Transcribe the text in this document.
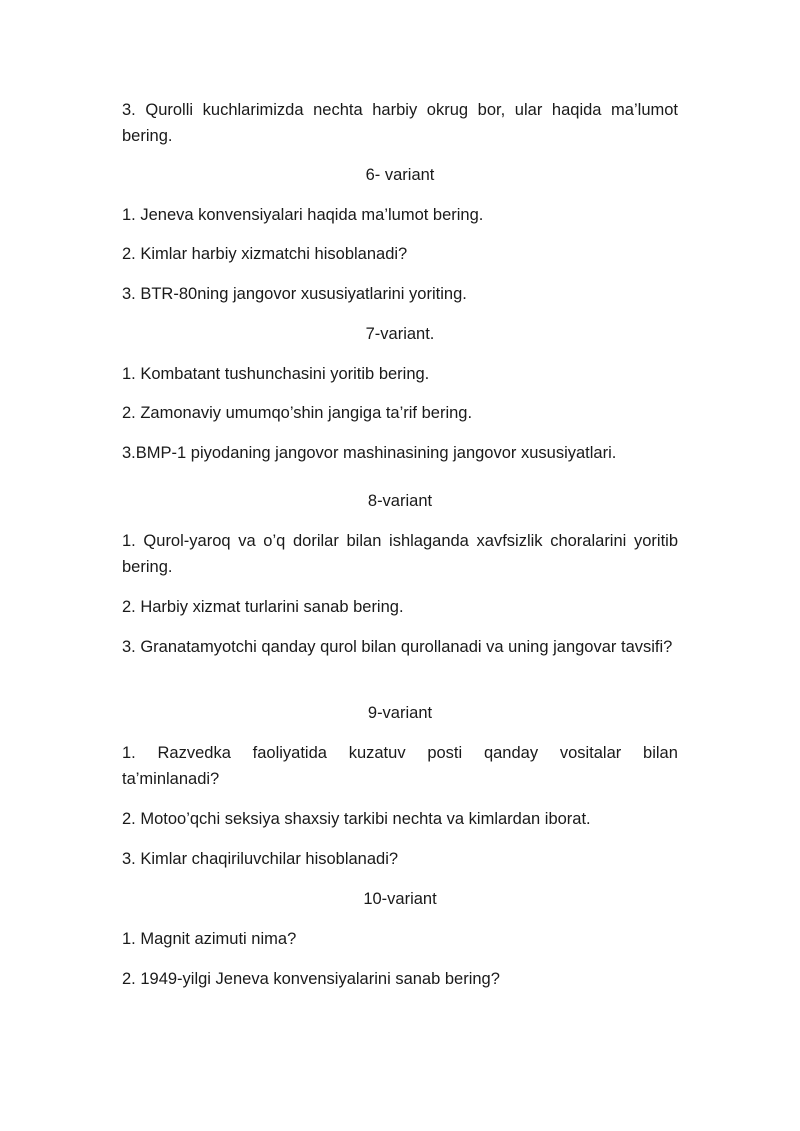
3. Qurolli kuchlarimizda nechta harbiy okrug bor, ular haqida ma’lumot bering.
6- variant
1. Jeneva konvensiyalari haqida ma’lumot bering.
2. Kimlar harbiy xizmatchi hisoblanadi?
3. BTR-80ning jangovor xususiyatlarini yoriting.
7-variant.
1. Kombatant tushunchasini yoritib bering.
2. Zamonaviy umumqo’shin jangiga ta’rif bering.
3.BMP-1 piyodaning jangovor mashinasining jangovor xususiyatlari.
8-variant
1. Qurol-yaroq va o’q dorilar bilan ishlaganda xavfsizlik choralarini yoritib bering.
2. Harbiy xizmat turlarini sanab bering.
3. Granatamyotchi qanday qurol bilan qurollanadi va uning jangovar tavsifi?
9-variant
1. Razvedka faoliyatida kuzatuv posti qanday vositalar bilan
ta’minlanadi?
2. Motoo’qchi seksiya shaxsiy tarkibi nechta va kimlardan iborat.
3. Kimlar chaqiriluvchilar hisoblanadi?
10-variant
1. Magnit azimuti nima?
2. 1949-yilgi Jeneva konvensiyalarini sanab bering?
